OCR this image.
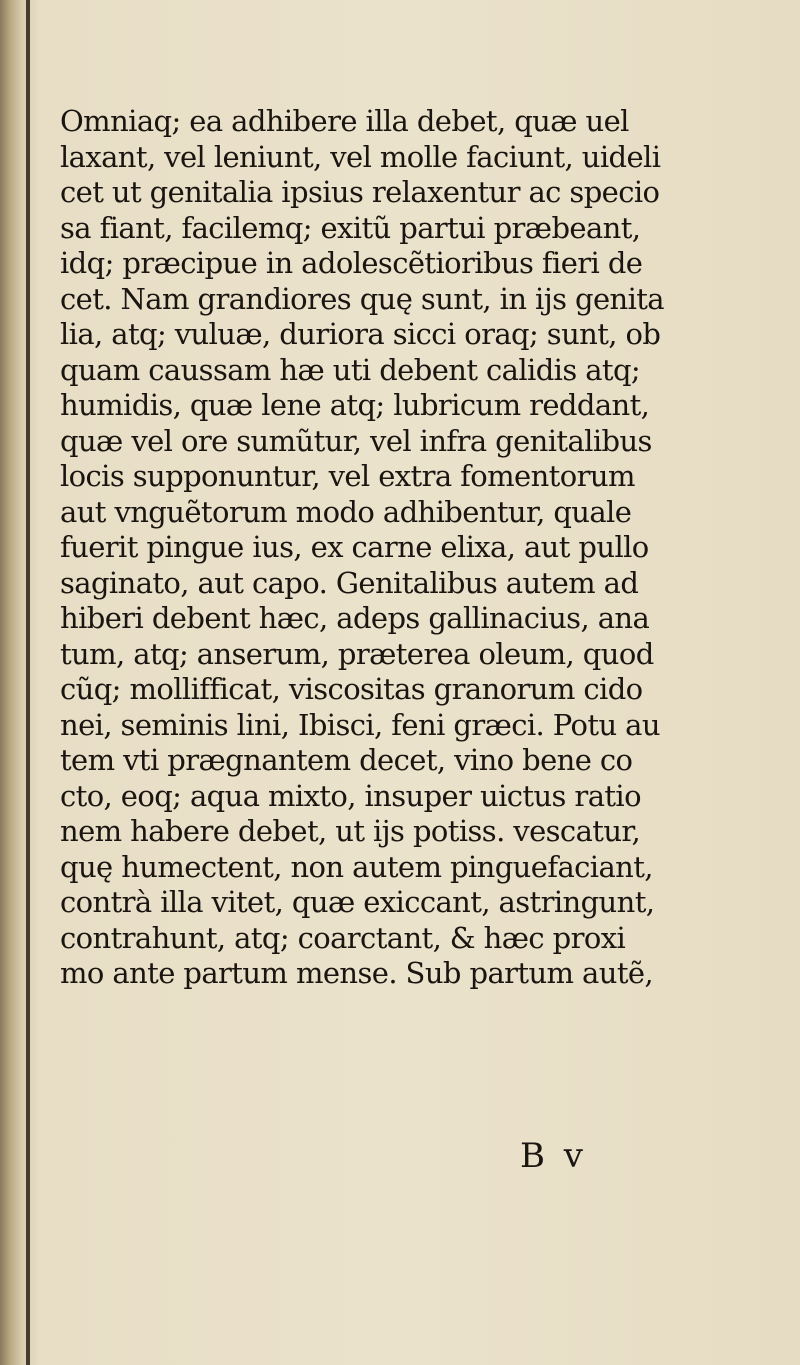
Omniaq; ea adhibere illa debet, quæ uel
laxant, vel leniunt, vel molle faciunt, uideli
cet ut genitalia ipsius relaxentur ac specio
sa fiant, facilemq; exitũ partui præbeant,
idq; præcipue in adolescẽtioribus fieri de
cet. Nam grandiores quę sunt, in ijs genita
lia, atq; vuluæ, duriora sicci oraq; sunt, ob
quam caussam hæ uti debent calidis atq;
humidis, quæ lene atq; lubricum reddant,
quæ vel ore sumũtur, vel infra genitalibus
locis supponuntur, vel extra fomentorum
aut vnguẽtorum modo adhibentur, quale
fuerit pingue ius, ex carne elixa, aut pullo
saginato, aut capo. Genitalibus autem ad
hiberi debent hæc, adeps gallinacius, ana
tum, atq; anserum, præterea oleum, quod
cũq; mollifficat, viscositas granorum cido
nei, seminis lini, Ibisci, feni græci. Potu au
tem vti prægnantem decet, vino bene co
cto, eoq; aqua mixto, insuper uictus ratio
nem habere debet, ut ijs potiss. vescatur,
quę humectent, non autem pinguefaciant,
contrà illa vitet, quæ exiccant, astringunt,
contrahunt, atq; coarctant, & hæc proxi
mo ante partum mense. Sub partum autẽ,
B v
